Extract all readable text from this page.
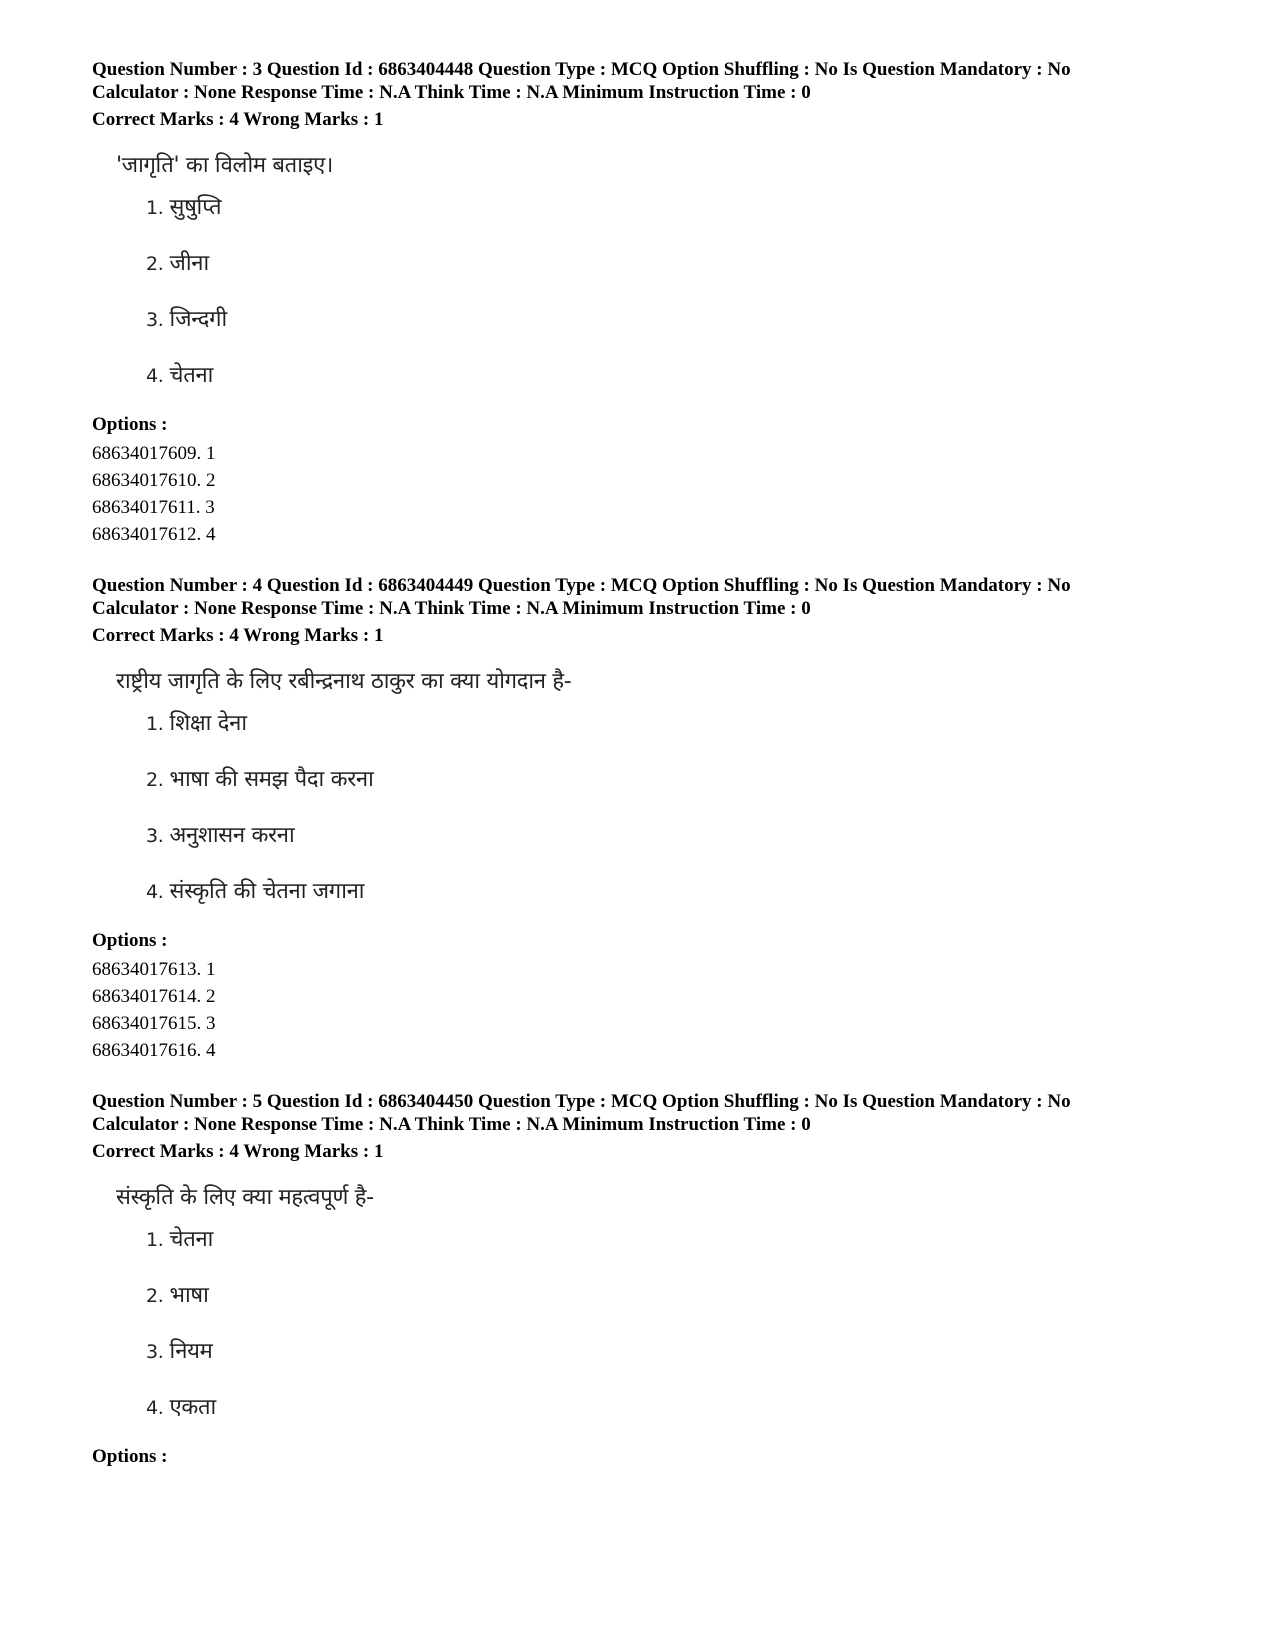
Question Number : 3 Question Id : 6863404448 Question Type : MCQ Option Shuffling : No Is Question Mandatory : No
Calculator : None Response Time : N.A Think Time : N.A Minimum Instruction Time : 0
Correct Marks : 4 Wrong Marks : 1
'जागृति' का विलोम बताइए।
1. सुषुप्ति
2. जीना
3. जिन्दगी
4. चेतना
Options :
68634017609. 1
68634017610. 2
68634017611. 3
68634017612. 4
Question Number : 4 Question Id : 6863404449 Question Type : MCQ Option Shuffling : No Is Question Mandatory : No
Calculator : None Response Time : N.A Think Time : N.A Minimum Instruction Time : 0
Correct Marks : 4 Wrong Marks : 1
राष्ट्रीय जागृति के लिए रबीन्द्रनाथ ठाकुर का क्या योगदान है-
1. शिक्षा देना
2. भाषा की समझ पैदा करना
3. अनुशासन करना
4. संस्कृति की चेतना जगाना
Options :
68634017613. 1
68634017614. 2
68634017615. 3
68634017616. 4
Question Number : 5 Question Id : 6863404450 Question Type : MCQ Option Shuffling : No Is Question Mandatory : No
Calculator : None Response Time : N.A Think Time : N.A Minimum Instruction Time : 0
Correct Marks : 4 Wrong Marks : 1
संस्कृति के लिए क्या महत्वपूर्ण है-
1. चेतना
2. भाषा
3. नियम
4. एकता
Options :
